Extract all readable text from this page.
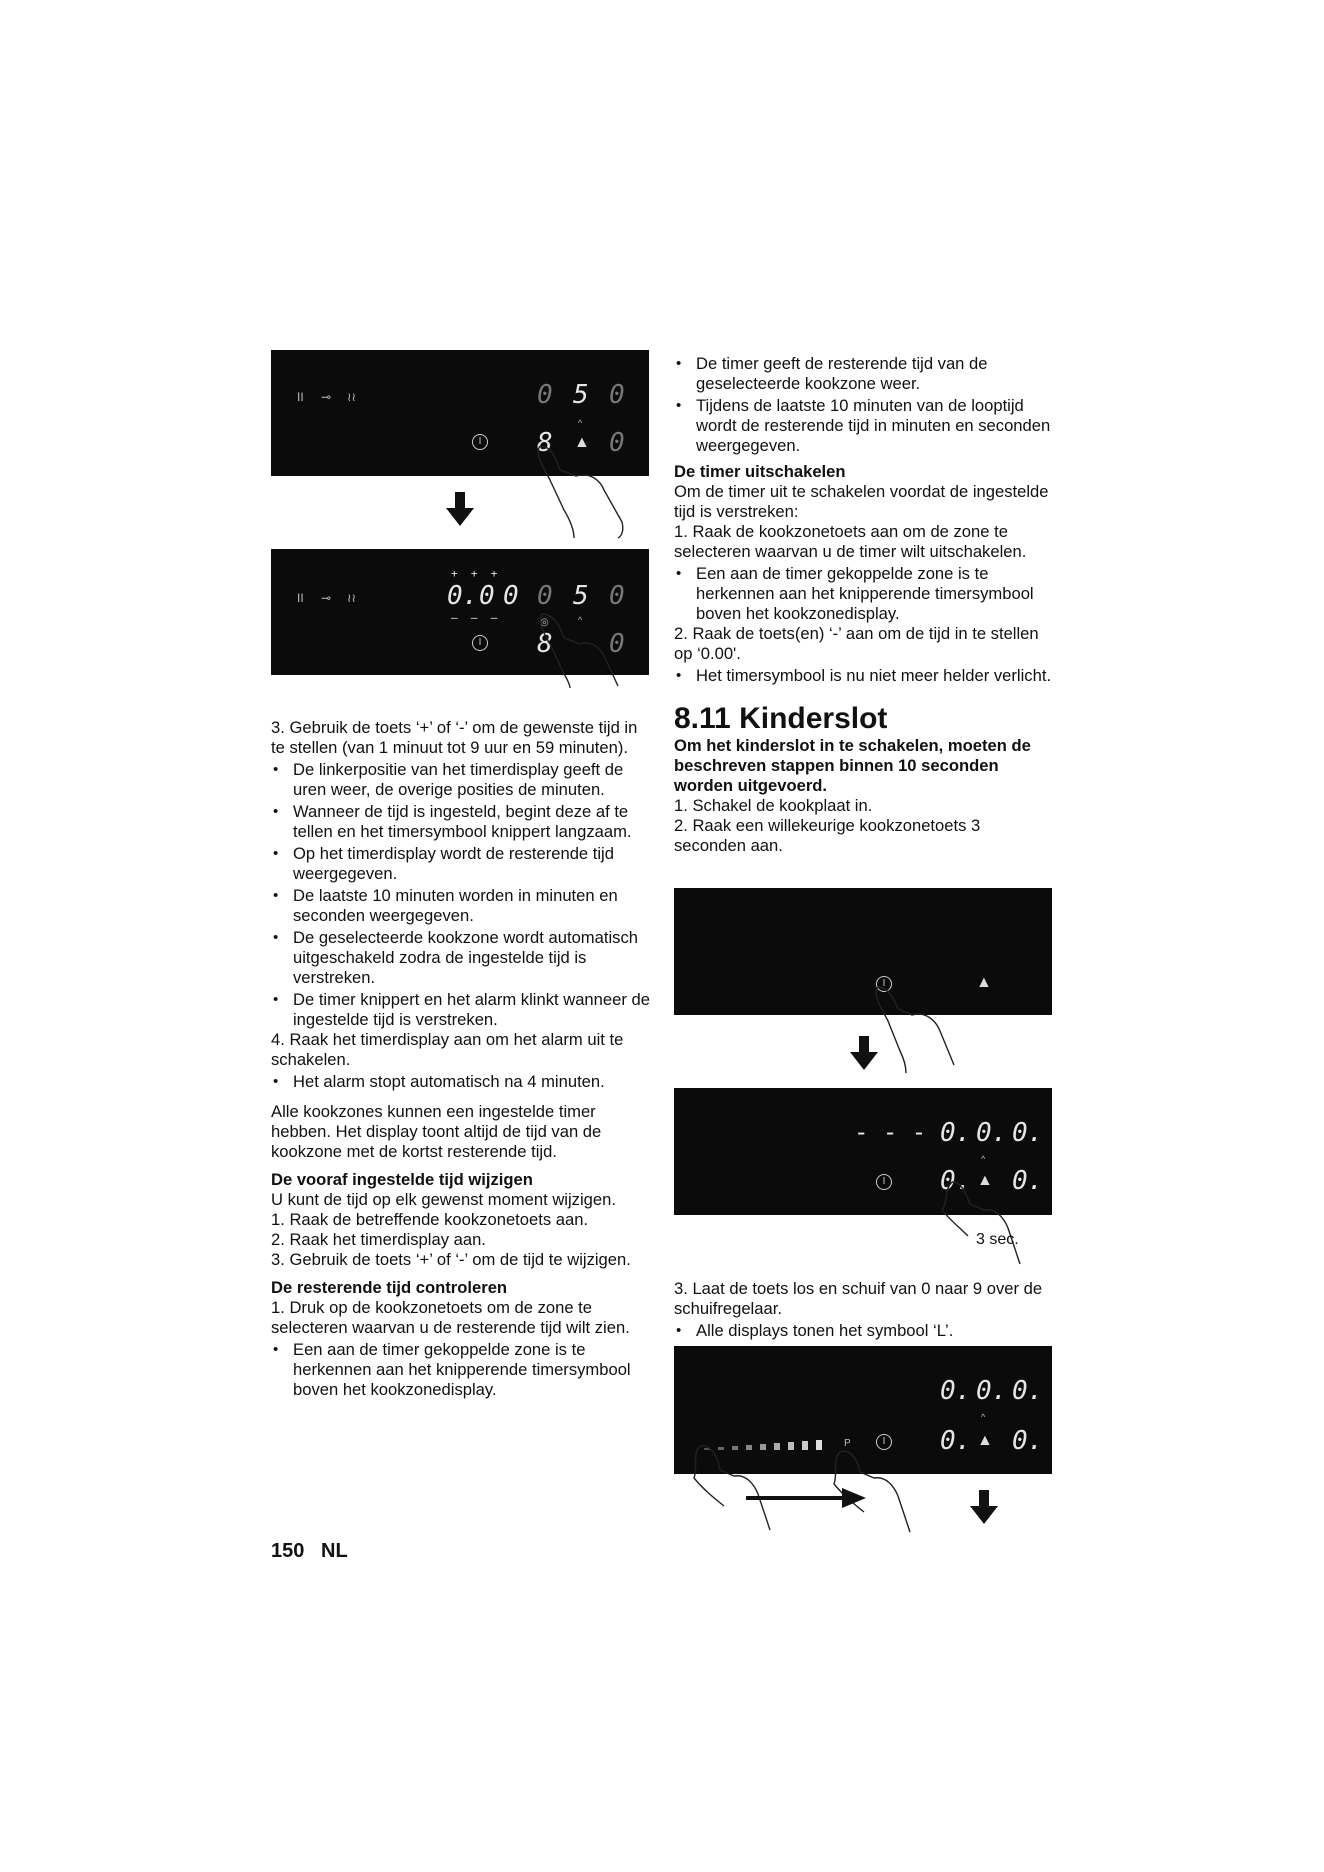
II ⊸ ≀≀	0 5 0
^
I 8 ▲ 0
II ⊸ ≀≀
+  +  +
0. 0 0
–  –  –
0 5 0
◎	^
I 8 0

3. Gebruik de toets ‘+’ of ‘-’ om de gewenste tijd in te stellen (van 1 minuut tot 9 uur en 59 minuten).

• De linkerpositie van het timerdisplay geeft de uren weer, de overige posities de minuten.
• Wanneer de tijd is ingesteld, begint deze af te tellen en het timersymbool knippert langzaam.
• Op het timerdisplay wordt de resterende tijd weergegeven.
• De laatste 10 minuten worden in minuten en seconden weergegeven.
• De geselecteerde kookzone wordt automatisch uitgeschakeld zodra de ingestelde tijd is verstreken.
• De timer knippert en het alarm klinkt wanneer de ingestelde tijd is verstreken.

4. Raak het timerdisplay aan om het alarm uit te schakelen.

• Het alarm stopt automatisch na 4 minuten.

Alle kookzones kunnen een ingestelde timer hebben. Het display toont altijd de tijd van de kookzone met de kortst resterende tijd.

De vooraf ingestelde tijd wijzigen

U kunt de tijd op elk gewenst moment wijzigen.

1. Raak de betreffende kookzonetoets aan.

2. Raak het timerdisplay aan.

3. Gebruik de toets ‘+’ of ‘-’ om de tijd te wijzigen.

De resterende tijd controleren

1. Druk op de kookzonetoets om de zone te selecteren waarvan u de resterende tijd wilt zien.

• Een aan de timer gekoppelde zone is te herkennen aan het knipperende timersymbool boven het kookzonedisplay.
• De timer geeft de resterende tijd van de geselecteerde kookzone weer.
• Tijdens de laatste 10 minuten van de looptijd wordt de resterende tijd in minuten en seconden weergegeven.

De timer uitschakelen

Om de timer uit te schakelen voordat de ingestelde tijd is verstreken:

1. Raak de kookzonetoets aan om de zone te selecteren waarvan u de timer wilt uitschakelen.

• Een aan de timer gekoppelde zone is te herkennen aan het knipperende timersymbool boven het kookzonedisplay.

2. Raak de toets(en) ‘-’ aan om de tijd in te stellen op ‘0.00'.

• Het timersymbool is nu niet meer helder verlicht.

8.11 Kinderslot

Om het kinderslot in te schakelen, moeten de beschreven stappen binnen 10 seconden worden uitgevoerd.

1. Schakel de kookplaat in.

2. Raak een willekeurige kookzonetoets 3 seconden aan.

I	▲
- - - 0. 0. 0.
^
I 0. ▲ 0.
3 sec.

3. Laat de toets los en schuif van 0 naar 9 over de schuifregelaar.

• Alle displays tonen het symbool ‘L’.
0. 0. 0.
^
P	I 0. ▲ 0.
150 NL
